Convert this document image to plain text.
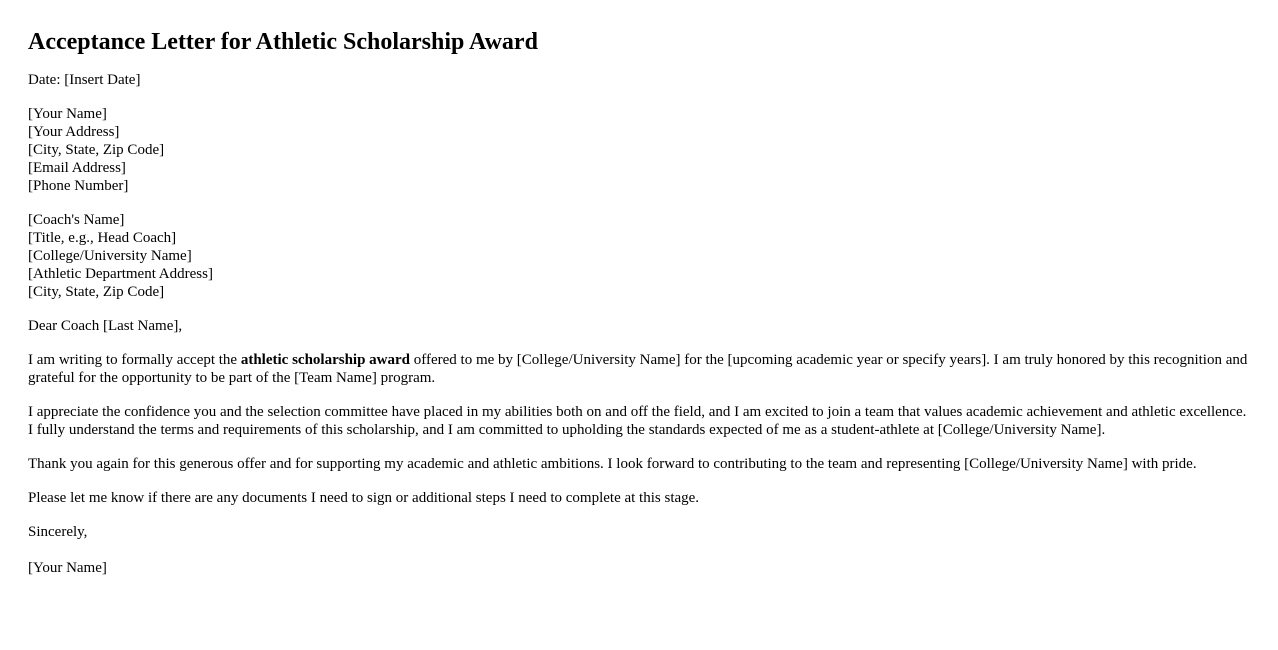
Acceptance Letter for Athletic Scholarship Award

Date: [Insert Date]

[Your Name]
[Your Address]
[City, State, Zip Code]
[Email Address]
[Phone Number]

[Coach's Name]
[Title, e.g., Head Coach]
[College/University Name]
[Athletic Department Address]
[City, State, Zip Code]

Dear Coach [Last Name],

I am writing to formally accept the athletic scholarship award offered to me by [College/University Name] for the [upcoming academic year or specify years]. I am truly honored by this recognition and grateful for the opportunity to be part of the [Team Name] program.

I appreciate the confidence you and the selection committee have placed in my abilities both on and off the field, and I am excited to join a team that values academic achievement and athletic excellence. I fully understand the terms and requirements of this scholarship, and I am committed to upholding the standards expected of me as a student-athlete at [College/University Name].

Thank you again for this generous offer and for supporting my academic and athletic ambitions. I look forward to contributing to the team and representing [College/University Name] with pride.

Please let me know if there are any documents I need to sign or additional steps I need to complete at this stage.

Sincerely,

[Your Name]
